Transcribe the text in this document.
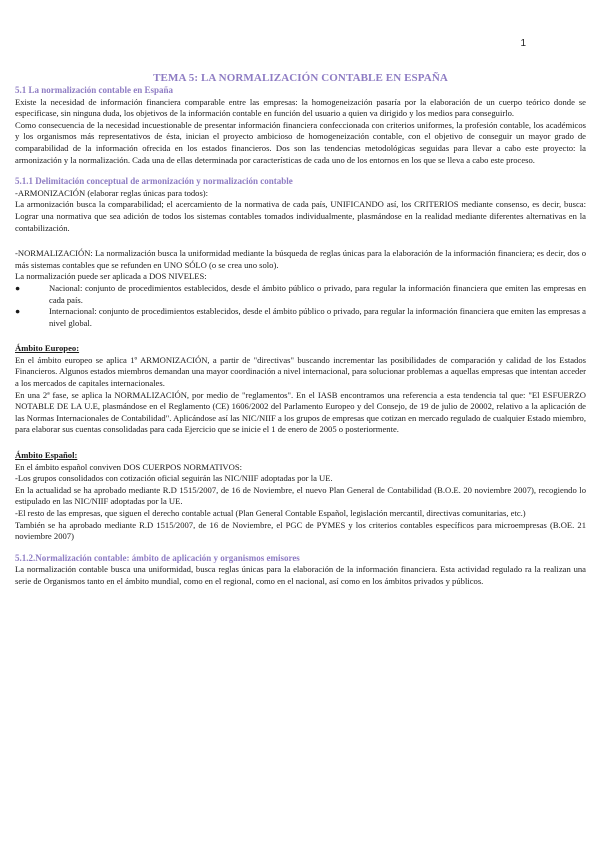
1
TEMA 5: LA NORMALIZACIÓN CONTABLE EN ESPAÑA
5.1 La normalización contable en España

Existe la necesidad de información financiera comparable entre las empresas: la homogeneización pasaría por la elaboración de un cuerpo teórico donde se especificase, sin ninguna duda, los objetivos de la información contable en función del usuario a quien va dirigido y los medios para conseguirlo.

Como consecuencia de la necesidad incuestionable de presentar información financiera confeccionada con criterios uniformes, la profesión contable, los académicos y los organismos más representativos de ésta, inician el proyecto ambicioso de homogeneización contable, con el objetivo de conseguir un mayor grado de comparabilidad de la información ofrecida en los estados financieros. Dos son las tendencias metodológicas seguidas para llevar a cabo este proyecto: la armonización y la normalización. Cada una de ellas determinada por características de cada uno de los entornos en los que se lleva a cabo este proceso.

5.1.1 Delimitación conceptual de armonización y normalización contable

-ARMONIZACIÓN (elaborar reglas únicas para todos):

La armonización busca la comparabilidad; el acercamiento de la normativa de cada país, UNIFICANDO así, los CRITERIOS mediante consenso, es decir, busca: Lograr una normativa que sea adición de todos los sistemas contables tomados individualmente, plasmándose en la realidad mediante diferentes alternativas en la contabilización.

-NORMALIZACIÓN: La normalización busca la uniformidad mediante la búsqueda de reglas únicas para la elaboración de la información financiera; es decir, dos o más sistemas contables que se refunden en UNO SÓLO (o se crea uno solo).

La normalización puede ser aplicada a DOS NIVELES:

●	Nacional: conjunto de procedimientos establecidos, desde el ámbito público o privado, para regular la información financiera que emiten las empresas en cada país.
●	Internacional: conjunto de procedimientos establecidos, desde el ámbito público o privado, para regular la información financiera que emiten las empresas a nivel global.

Ámbito Europeo:

En el ámbito europeo se aplica 1º ARMONIZACIÓN, a partir de "directivas" buscando incrementar las posibilidades de comparación y calidad de los Estados Financieros. Algunos estados miembros demandan una mayor coordinación a nivel internacional, para solucionar problemas a aquellas empresas que intentan acceder a los mercados de capitales internacionales.

En una 2ª fase, se aplica la NORMALIZACIÓN, por medio de "reglamentos". En el IASB encontramos una referencia a esta tendencia tal que: "El ESFUERZO NOTABLE DE LA U.E, plasmándose en el Reglamento (CE) 1606/2002 del Parlamento Europeo y del Consejo, de 19 de julio de 20002, relativo a la aplicación de las Normas Internacionales de Contabilidad". Aplicándose así las NIC/NIIF a los grupos de empresas que cotizan en mercado regulado de cualquier Estado miembro, para elaborar sus cuentas consolidadas para cada Ejercicio que se inicie el 1 de enero de 2005 o posteriormente.

Ámbito Español:

En el ámbito español conviven DOS CUERPOS NORMATIVOS:

-Los grupos consolidados con cotización oficial seguirán las NIC/NIIF adoptadas por la UE.

En la actualidad se ha aprobado mediante R.D 1515/2007, de 16 de Noviembre, el nuevo Plan General de Contabilidad (B.O.E. 20 noviembre 2007), recogiendo lo estipulado en las NIC/NIIF adoptadas por la UE.

-El resto de las empresas, que siguen el derecho contable actual (Plan General Contable Español, legislación mercantil, directivas comunitarias, etc.)

También se ha aprobado mediante R.D 1515/2007, de 16 de Noviembre, el PGC de PYMES y los criterios contables específicos para microempresas (B.OE. 21 noviembre 2007)

5.1.2.Normalización contable: ámbito de aplicación y organismos emisores

La normalización contable busca una uniformidad, busca reglas únicas para la elaboración de la información financiera. Esta actividad regulado ra la realizan una serie de Organismos tanto en el ámbito mundial, como en el regional, como en el nacional, así como en los ámbitos privados y públicos.
